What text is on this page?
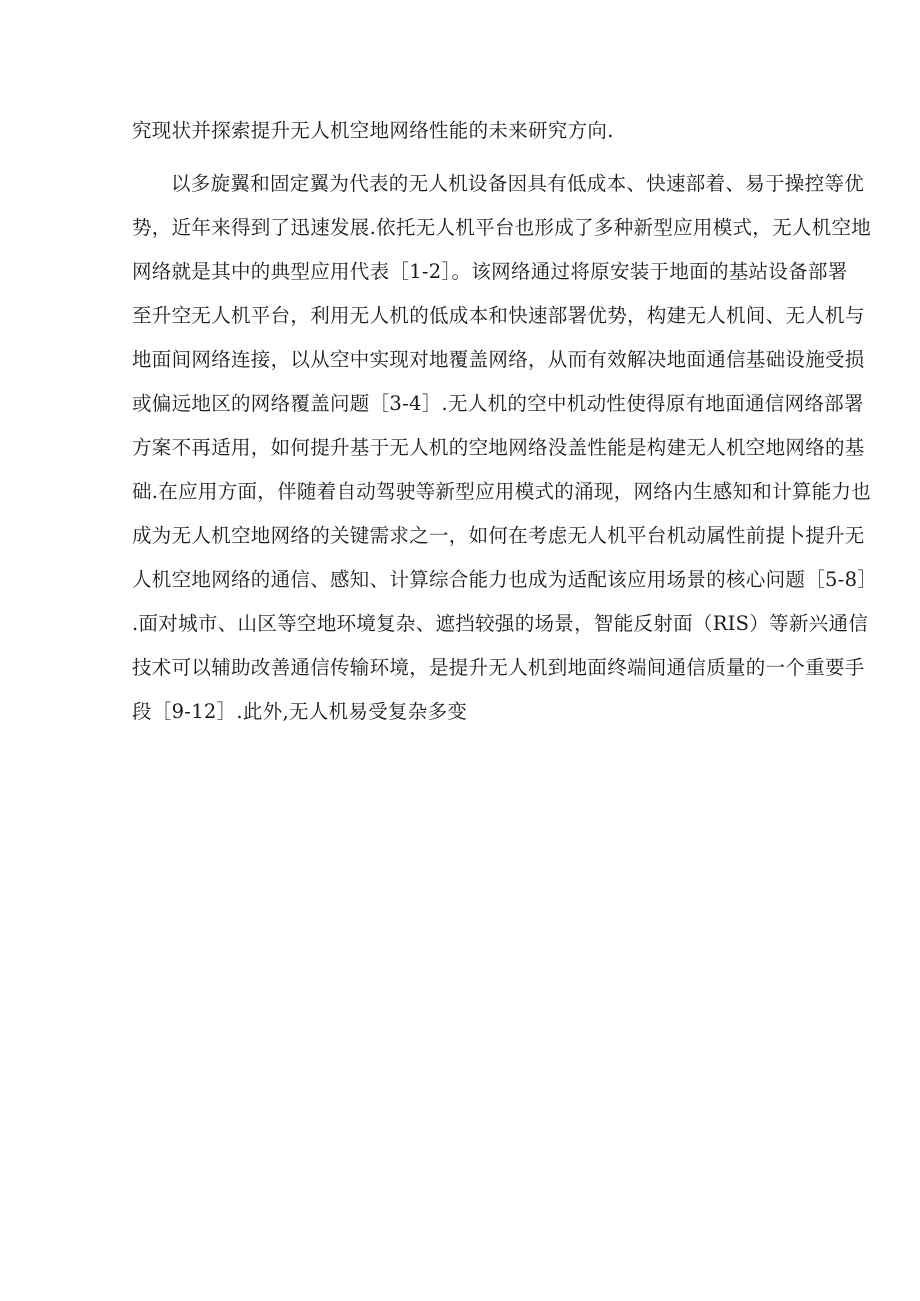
究现状并探索提升无人机空地网络性能的未来研究方向.

以多旋翼和固定翼为代表的无人机设备因具有低成本、快速部着、易于操控等优

势，近年来得到了迅速发展.依托无人机平台也形成了多种新型应用模式，无人机空地

网络就是其中的典型应用代表［1-2］。该网络通过将原安装于地面的基站设备部署

至升空无人机平台，利用无人机的低成本和快速部署优势，构建无人机间、无人机与

地面间网络连接，以从空中实现对地覆盖网络，从而有效解决地面通信基础设施受损

或偏远地区的网络覆盖问题［3-4］.无人机的空中机动性使得原有地面通信网络部署

方案不再适用，如何提升基于无人机的空地网络没盖性能是构建无人机空地网络的基

础.在应用方面，伴随着自动驾驶等新型应用模式的涌现，网络内生感知和计算能力也

成为无人机空地网络的关键需求之一，如何在考虑无人机平台机动属性前提卜提升无

人机空地网络的通信、感知、计算综合能力也成为适配该应用场景的核心问题［5-8］

.面对城市、山区等空地环境复杂、遮挡较强的场景，智能反射面（RIS）等新兴通信

技术可以辅助改善通信传输环境，是提升无人机到地面终端间通信质量的一个重要手

段［9-12］.此外,无人机易受复杂多变
